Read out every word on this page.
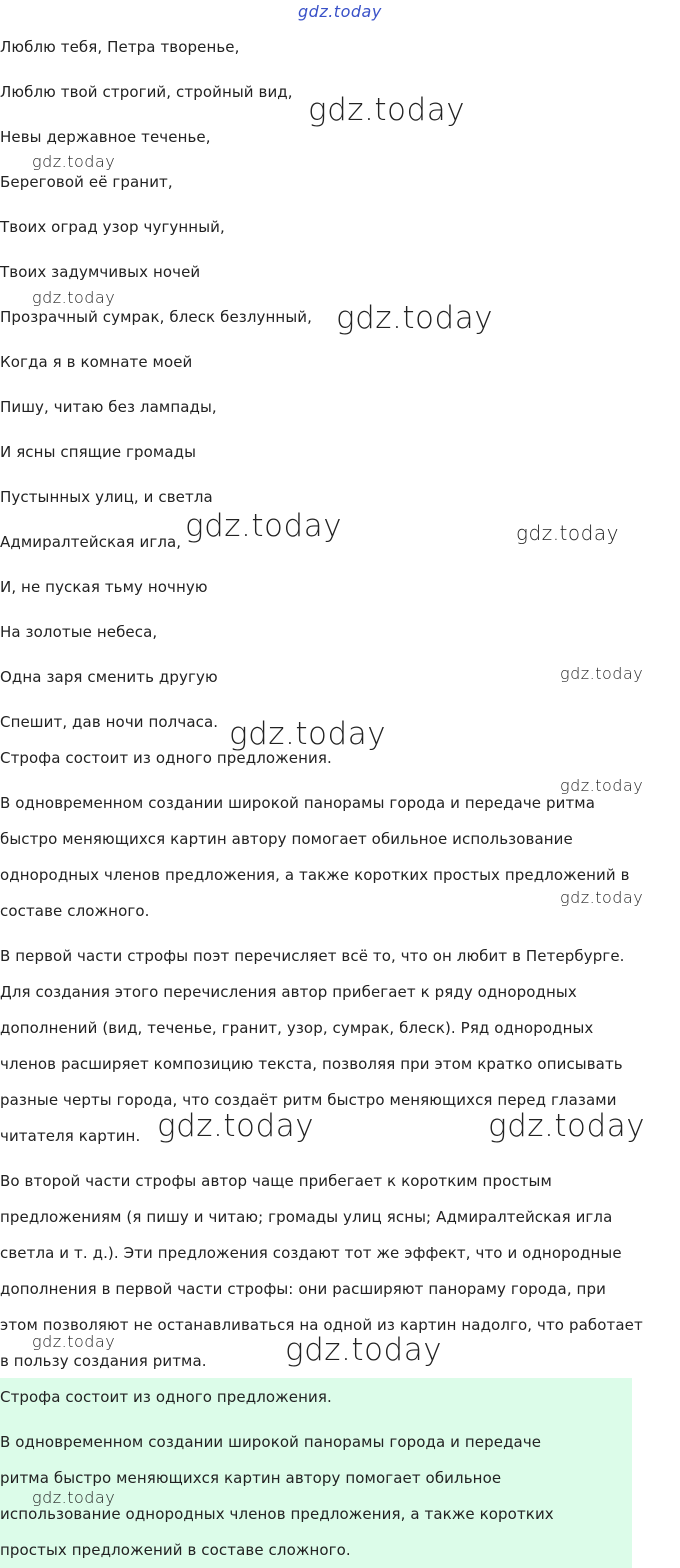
Люблю тебя, Петра творенье,

Люблю твой строгий, стройный вид,

Невы державное теченье,

Береговой её гранит,

Твоих оград узор чугунный,

Твоих задумчивых ночей

Прозрачный сумрак, блеск безлунный,

Когда я в комнате моей

Пишу, читаю без лампады,

И ясны спящие громады

Пустынных улиц, и светла

Адмиралтейская игла,

И, не пуская тьму ночную

На золотые небеса,

Одна заря сменить другую

Спешит, дав ночи полчаса.

Строфа состоит из одного предложения.

В одновременном создании широкой панорамы города и передаче ритма

быстро меняющихся картин автору помогает обильное использование

однородных членов предложения, а также коротких простых предложений в

составе сложного.

В первой части строфы поэт перечисляет всё то, что он любит в Петербурге.

Для создания этого перечисления автор прибегает к ряду однородных

дополнений (вид, теченье, гранит, узор, сумрак, блеск). Ряд однородных

членов расширяет композицию текста, позволяя при этом кратко описывать

разные черты города, что создаёт ритм быстро меняющихся перед глазами

читателя картин.

Во второй части строфы автор чаще прибегает к коротким простым

предложениям (я пишу и читаю; громады улиц ясны; Адмиралтейская игла

светла и т. д.). Эти предложения создают тот же эффект, что и однородные

дополнения в первой части строфы: они расширяют панораму города, при

этом позволяют не останавливаться на одной из картин надолго, что работает

в пользу создания ритма.

Строфа состоит из одного предложения.

В одновременном создании широкой панорамы города и передаче

ритма быстро меняющихся картин автору помогает обильное

использование однородных членов предложения, а также коротких

простых предложений в составе сложного.

gdz.today
gdz.today
gdz.today
gdz.today
gdz.today
gdz.today	gdz.today
gdz.today
gdz.today
gdz.today
gdz.today
gdz.today	gdz.today
gdz.today	gdz.today
gdz.today
